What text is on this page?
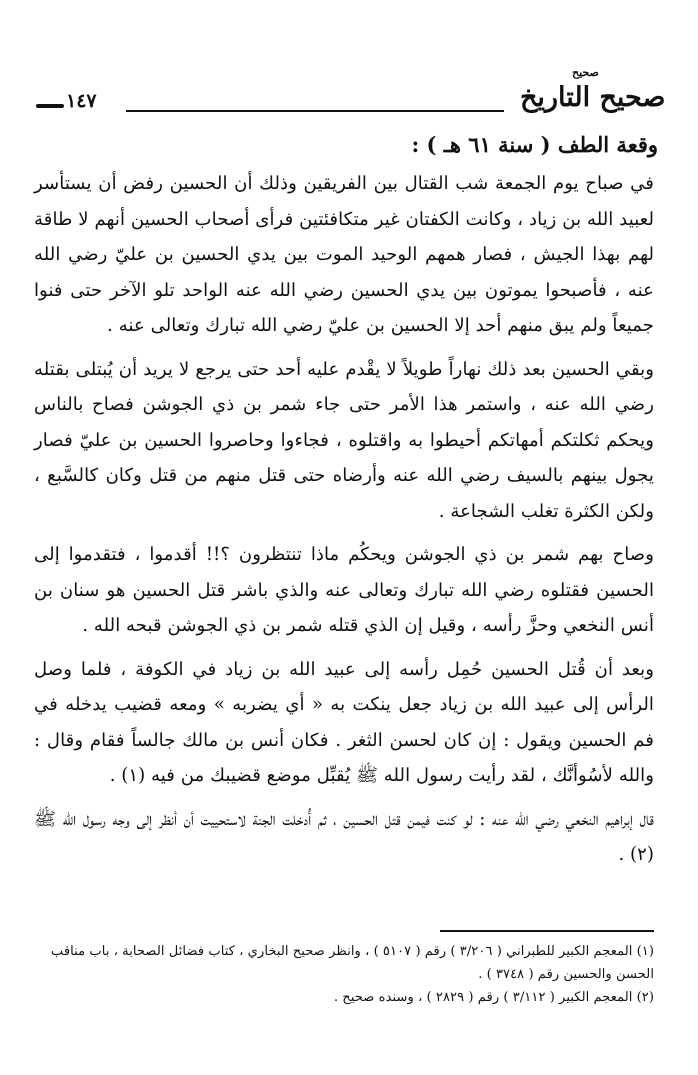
١٤٧
صحيح
صحيح التاريخ
وقعة الطف ( سنة ٦١ هـ ) :

في صباح يوم الجمعة شب القتال بين الفريقين وذلك أن الحسين رفض أن يستأسر لعبيد الله بن زياد ، وكانت الكفتان غير متكافئتين فرأى أصحاب الحسين أنهم لا طاقة لهم بهذا الجيش ، فصار همهم الوحيد الموت بين يدي الحسين بن عليّ رضي الله عنه ، فأصبحوا يموتون بين يدي الحسين رضي الله عنه الواحد تلو الآخر حتى فنوا جميعاً ولم يبق منهم أحد إلا الحسين بن عليّ رضي الله تبارك وتعالى عنه .

وبقي الحسين بعد ذلك نهاراً طويلاً لا يقْدم عليه أحد حتى يرجع لا يريد أن يُبتلى بقتله رضي الله عنه ، واستمر هذا الأمر حتى جاء شمر بن ذي الجوشن فصاح بالناس ويحكم ثكلتكم أمهاتكم أحيطوا به واقتلوه ، فجاءوا وحاصروا الحسين بن عليّ فصار يجول بينهم بالسيف رضي الله عنه وأرضاه حتى قتل منهم من قتل وكان كالسَّبع ، ولكن الكثرة تغلب الشجاعة .

وصاح بهم شمر بن ذي الجوشن ويحكُم ماذا تنتظرون ؟!! أقدموا ، فتقدموا إلى الحسين فقتلوه رضي الله تبارك وتعالى عنه والذي باشر قتل الحسين هو سنان بن أنس النخعي وحزَّ رأسه ، وقيل إن الذي قتله شمر بن ذي الجوشن قبحه الله .

وبعد أن قُتل الحسين حُمِل رأسه إلى عبيد الله بن زياد في الكوفة ، فلما وصل الرأس إلى عبيد الله بن زياد جعل ينكت به « أي يضربه » ومعه قضيب يدخله في فم الحسين ويقول : إن كان لحسن الثغر . فكان أنس بن مالك جالساً فقام وقال : والله لأسُوأنَّك ، لقد رأيت رسول الله ﷺ يُقبِّل موضع قضيبك من فيه (١) .

قال إبراهيم النخعي رضي الله عنه : لو كنت فيمن قتل الحسين ، ثم أُدخلت الجنة لاستحييت أن أنظر إلى وجه رسول الله ﷺ (٢) .

(١) المعجم الكبير للطبراني ( ٣/٢٠٦ ) رقم ( ٥١٠٧ ) ، وانظر صحيح البخاري ، كتاب فضائل الصحابة ، باب مناقب الحسن والحسين رقم ( ٣٧٤٨ ) .

(٢) المعجم الكبير ( ٣/١١٢ ) رقم ( ٢٨٢٩ ) ، وسنده صحيح .
